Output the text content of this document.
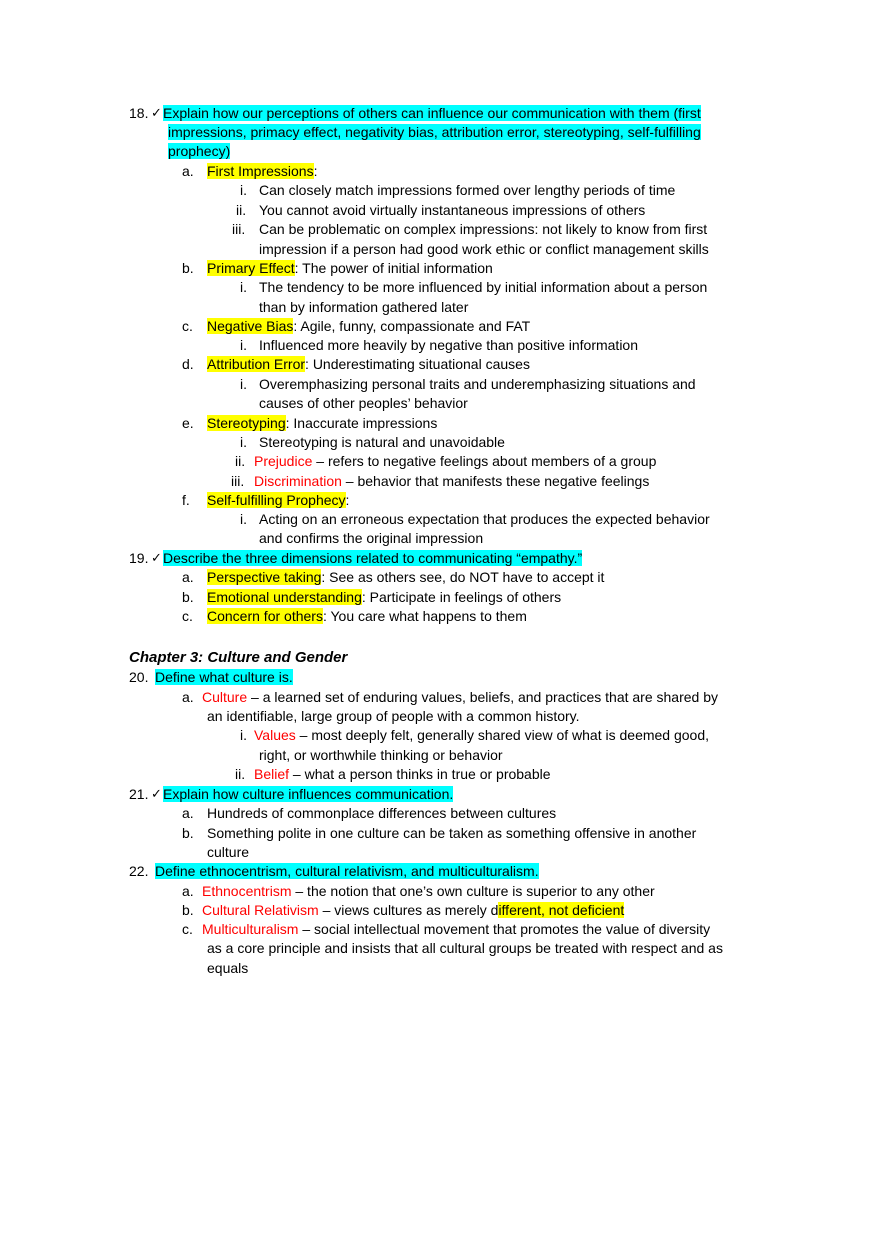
18. ✓ Explain how our perceptions of others can influence our communication with them (first
impressions, primacy effect, negativity bias, attribution error, stereotyping, self-fulfilling
prophecy)
a. First Impressions:
i. Can closely match impressions formed over lengthy periods of time
ii. You cannot avoid virtually instantaneous impressions of others
iii. Can be problematic on complex impressions: not likely to know from first
impression if a person had good work ethic or conflict management skills
b. Primary Effect: The power of initial information
i. The tendency to be more influenced by initial information about a person
than by information gathered later
c. Negative Bias: Agile, funny, compassionate and FAT
i. Influenced more heavily by negative than positive information
d. Attribution Error: Underestimating situational causes
i. Overemphasizing personal traits and underemphasizing situations and
causes of other peoples’ behavior
e. Stereotyping: Inaccurate impressions
i. Stereotyping is natural and unavoidable
ii. Prejudice – refers to negative feelings about members of a group
iii. Discrimination – behavior that manifests these negative feelings
f. Self-fulfilling Prophecy:
i. Acting on an erroneous expectation that produces the expected behavior
and confirms the original impression
19. ✓ Describe the three dimensions related to communicating “empathy.”
a. Perspective taking: See as others see, do NOT have to accept it
b. Emotional understanding: Participate in feelings of others
c. Concern for others: You care what happens to them
Chapter 3: Culture and Gender
20. Define what culture is.
a. Culture – a learned set of enduring values, beliefs, and practices that are shared by
an identifiable, large group of people with a common history.
i. Values – most deeply felt, generally shared view of what is deemed good,
right, or worthwhile thinking or behavior
ii. Belief – what a person thinks in true or probable
21. ✓ Explain how culture influences communication.
a. Hundreds of commonplace differences between cultures
b. Something polite in one culture can be taken as something offensive in another
culture
22. Define ethnocentrism, cultural relativism, and multiculturalism.
a. Ethnocentrism – the notion that one’s own culture is superior to any other
b. Cultural Relativism – views cultures as merely different, not deficient
c. Multiculturalism – social intellectual movement that promotes the value of diversity
as a core principle and insists that all cultural groups be treated with respect and as
equals
